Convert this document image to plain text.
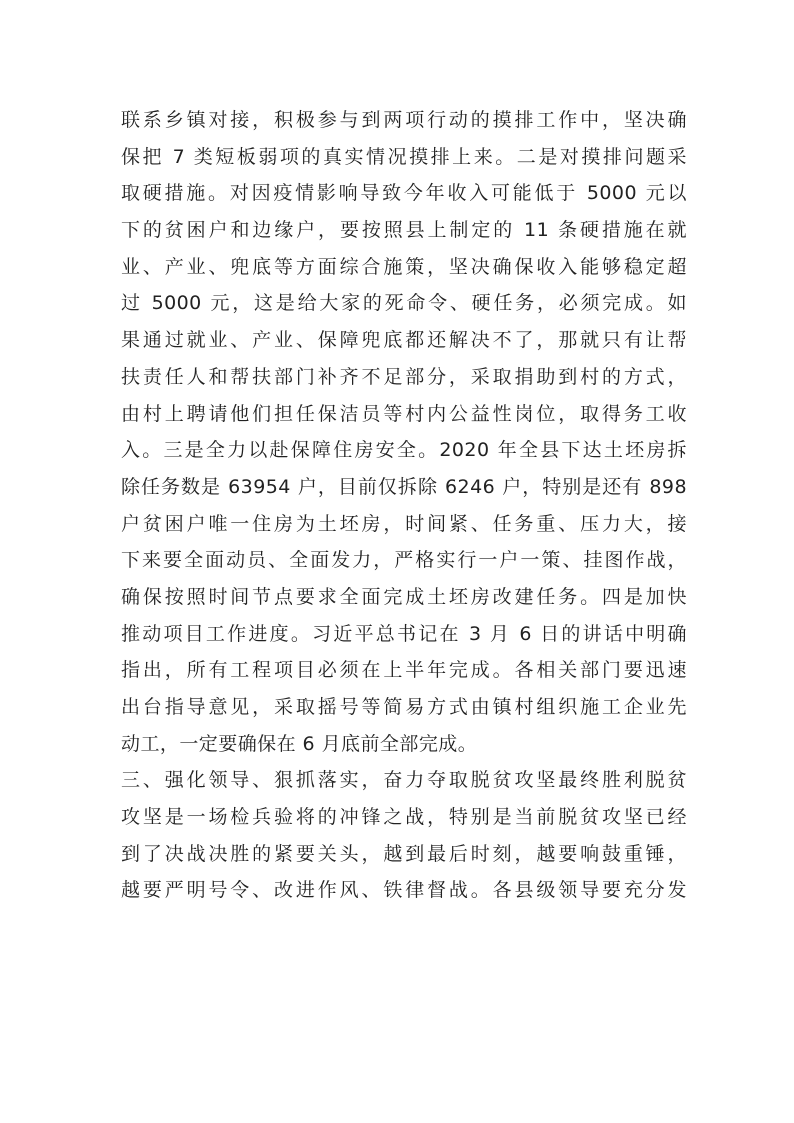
联系乡镇对接，积极参与到两项行动的摸排工作中，坚决确
保把 7 类短板弱项的真实情况摸排上来。二是对摸排问题采
取硬措施。对因疫情影响导致今年收入可能低于 5000 元以
下的贫困户和边缘户，要按照县上制定的 11 条硬措施在就
业、产业、兜底等方面综合施策，坚决确保收入能够稳定超
过 5000 元，这是给大家的死命令、硬任务，必须完成。如
果通过就业、产业、保障兜底都还解决不了，那就只有让帮
扶责任人和帮扶部门补齐不足部分，采取捐助到村的方式，
由村上聘请他们担任保洁员等村内公益性岗位，取得务工收
入。三是全力以赴保障住房安全。2020 年全县下达土坯房拆
除任务数是 63954 户，目前仅拆除 6246 户，特别是还有 898
户贫困户唯一住房为土坯房，时间紧、任务重、压力大，接
下来要全面动员、全面发力，严格实行一户一策、挂图作战，
确保按照时间节点要求全面完成土坯房改建任务。四是加快
推动项目工作进度。习近平总书记在 3 月 6 日的讲话中明确
指出，所有工程项目必须在上半年完成。各相关部门要迅速
出台指导意见，采取摇号等简易方式由镇村组织施工企业先
动工，一定要确保在 6 月底前全部完成。
三、强化领导、狠抓落实，奋力夺取脱贫攻坚最终胜利脱贫
攻坚是一场检兵验将的冲锋之战，特别是当前脱贫攻坚已经
到了决战决胜的紧要关头，越到最后时刻，越要响鼓重锤，
越要严明号令、改进作风、铁律督战。各县级领导要充分发
